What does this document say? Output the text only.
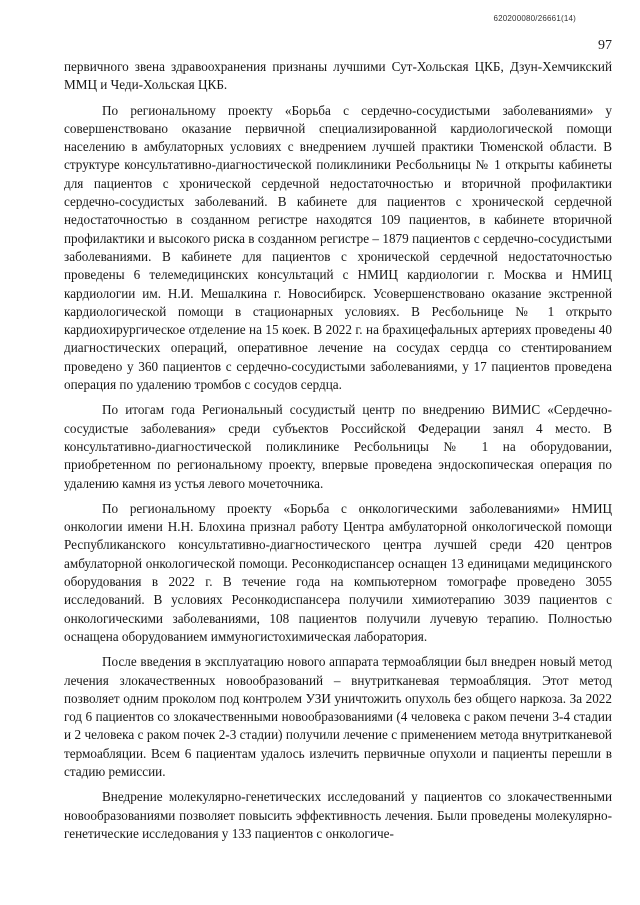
620200080/26661(14)
97

первичного звена здравоохранения признаны лучшими Сут-Хольская ЦКБ, Дзун-Хемчикский ММЦ и Чеди-Хольская ЦКБ.

По региональному проекту «Борьба с сердечно-сосудистыми заболеваниями» у совершенствовано оказание первичной специализированной кардиологической помощи населению в амбулаторных условиях с внедрением лучшей практики Тюменской области. В структуре консультативно-диагностической поликлиники Ресбольницы № 1 открыты кабинеты для пациентов с хронической сердечной недостаточностью и вторичной профилактики сердечно-сосудистых заболеваний. В кабинете для пациентов с хронической сердечной недостаточностью в созданном регистре находятся 109 пациентов, в кабинете вторичной профилактики и высокого риска в созданном регистре – 1879 пациентов с сердечно-сосудистыми заболеваниями. В кабинете для пациентов с хронической сердечной недостаточностью проведены 6 телемедицинских консультаций с НМИЦ кардиологии г. Москва и НМИЦ кардиологии им. Н.И. Мешалкина г. Новосибирск. Усовершенствовано оказание экстренной кардиологической помощи в стационарных условиях. В Ресбольнице № 1 открыто кардиохирургическое отделение на 15 коек. В 2022 г. на брахицефальных артериях проведены 40 диагностических операций, оперативное лечение на сосудах сердца со стентированием проведено у 360 пациентов с сердечно-сосудистыми заболеваниями, у 17 пациентов проведена операция по удалению тромбов с сосудов сердца.

По итогам года Региональный сосудистый центр по внедрению ВИМИС «Сердечно-сосудистые заболевания» среди субъектов Российской Федерации занял 4 место. В консультативно-диагностической поликлинике Ресбольницы № 1 на оборудовании, приобретенном по региональному проекту, впервые проведена эндоскопическая операция по удалению камня из устья левого мочеточника.

По региональному проекту «Борьба с онкологическими заболеваниями» НМИЦ онкологии имени Н.Н. Блохина признал работу Центра амбулаторной онкологической помощи Республиканского консультативно-диагностического центра лучшей среди 420 центров амбулаторной онкологической помощи. Ресонкодиспансер оснащен 13 единицами медицинского оборудования в 2022 г. В течение года на компьютерном томографе проведено 3055 исследований. В условиях Ресонкодиспансера получили химиотерапию 3039 пациентов с онкологическими заболеваниями, 108 пациентов получили лучевую терапию. Полностью оснащена оборудованием иммуногистохимическая лаборатория.

После введения в эксплуатацию нового аппарата термоабляции был внедрен новый метод лечения злокачественных новообразований – внутритканевая термоабляция. Этот метод позволяет одним проколом под контролем УЗИ уничтожить опухоль без общего наркоза. За 2022 год 6 пациентов со злокачественными новообразованиями (4 человека с раком печени 3-4 стадии и 2 человека с раком почек 2-3 стадии) получили лечение с применением метода внутритканевой термоабляции. Всем 6 пациентам удалось излечить первичные опухоли и пациенты перешли в стадию ремиссии.

Внедрение молекулярно-генетических исследований у пациентов со злокачественными новообразованиями позволяет повысить эффективность лечения. Были проведены молекулярно-генетические исследования у 133 пациентов с онкологиче-
